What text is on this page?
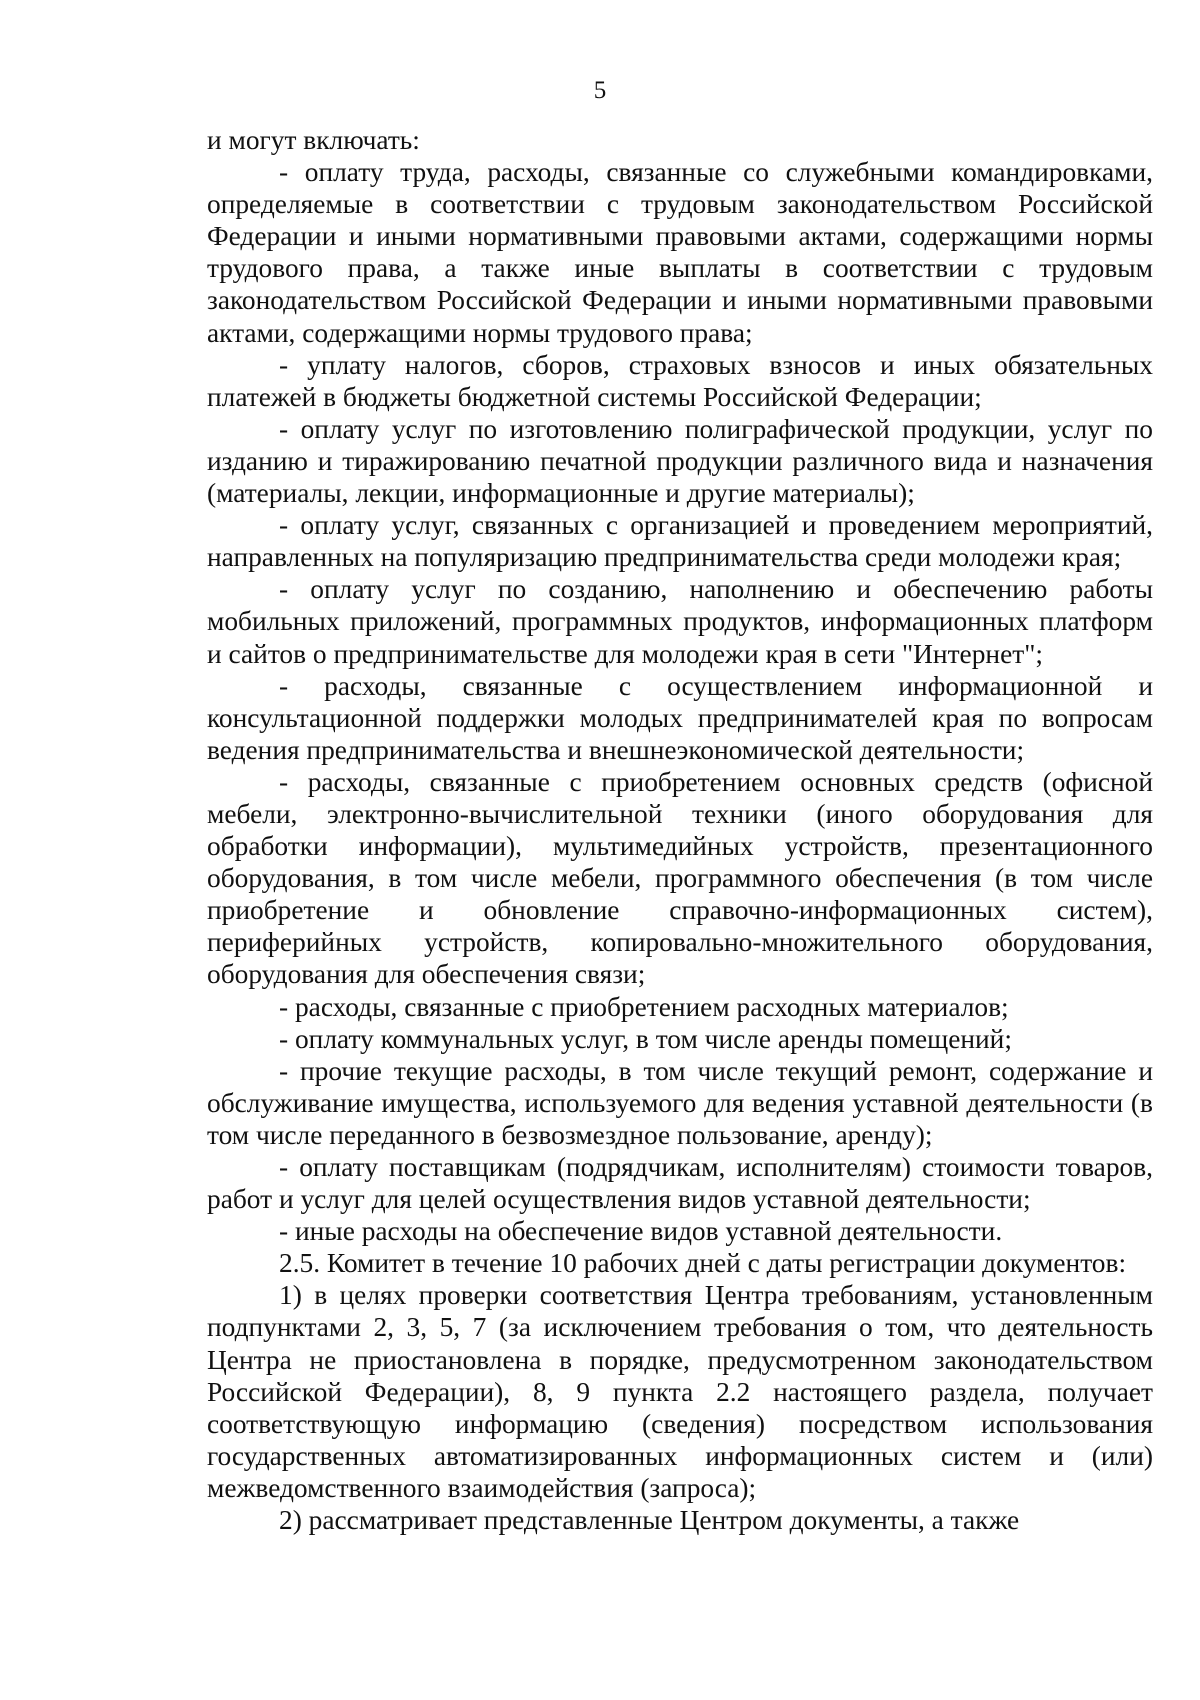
5

и могут включать:

- оплату труда, расходы, связанные со служебными командировками, определяемые в соответствии с трудовым законодательством Российской Федерации и иными нормативными правовыми актами, содержащими нормы трудового права, а также иные выплаты в соответствии с трудовым законодательством Российской Федерации и иными нормативными правовыми актами, содержащими нормы трудового права;

- уплату налогов, сборов, страховых взносов и иных обязательных платежей в бюджеты бюджетной системы Российской Федерации;

- оплату услуг по изготовлению полиграфической продукции, услуг по изданию и тиражированию печатной продукции различного вида и назначения (материалы, лекции, информационные и другие материалы);

- оплату услуг, связанных с организацией и проведением мероприятий, направленных на популяризацию предпринимательства среди молодежи края;

- оплату услуг по созданию, наполнению и обеспечению работы мобильных приложений, программных продуктов, информационных платформ и сайтов о предпринимательстве для молодежи края в сети "Интернет";

- расходы, связанные с осуществлением информационной и консультационной поддержки молодых предпринимателей края по вопросам ведения предпринимательства и внешнеэкономической деятельности;

- расходы, связанные с приобретением основных средств (офисной мебели, электронно-вычислительной техники (иного оборудования для обработки информации), мультимедийных устройств, презентационного оборудования, в том числе мебели, программного обеспечения (в том числе приобретение и обновление справочно-информационных систем), периферийных устройств, копировально-множительного оборудования, оборудования для обеспечения связи;

- расходы, связанные с приобретением расходных материалов;

- оплату коммунальных услуг, в том числе аренды помещений;

- прочие текущие расходы, в том числе текущий ремонт, содержание и обслуживание имущества, используемого для ведения уставной деятельности (в том числе переданного в безвозмездное пользование, аренду);

- оплату поставщикам (подрядчикам, исполнителям) стоимости товаров, работ и услуг для целей осуществления видов уставной деятельности;

- иные расходы на обеспечение видов уставной деятельности.

2.5. Комитет в течение 10 рабочих дней с даты регистрации документов:

1) в целях проверки соответствия Центра требованиям, установленным подпунктами 2, 3, 5, 7 (за исключением требования о том, что деятельность Центра не приостановлена в порядке, предусмотренном законодательством Российской Федерации), 8, 9 пункта 2.2 настоящего раздела, получает соответствующую информацию (сведения) посредством использования государственных автоматизированных информационных систем и (или) межведомственного взаимодействия (запроса);

2) рассматривает представленные Центром документы, а также
